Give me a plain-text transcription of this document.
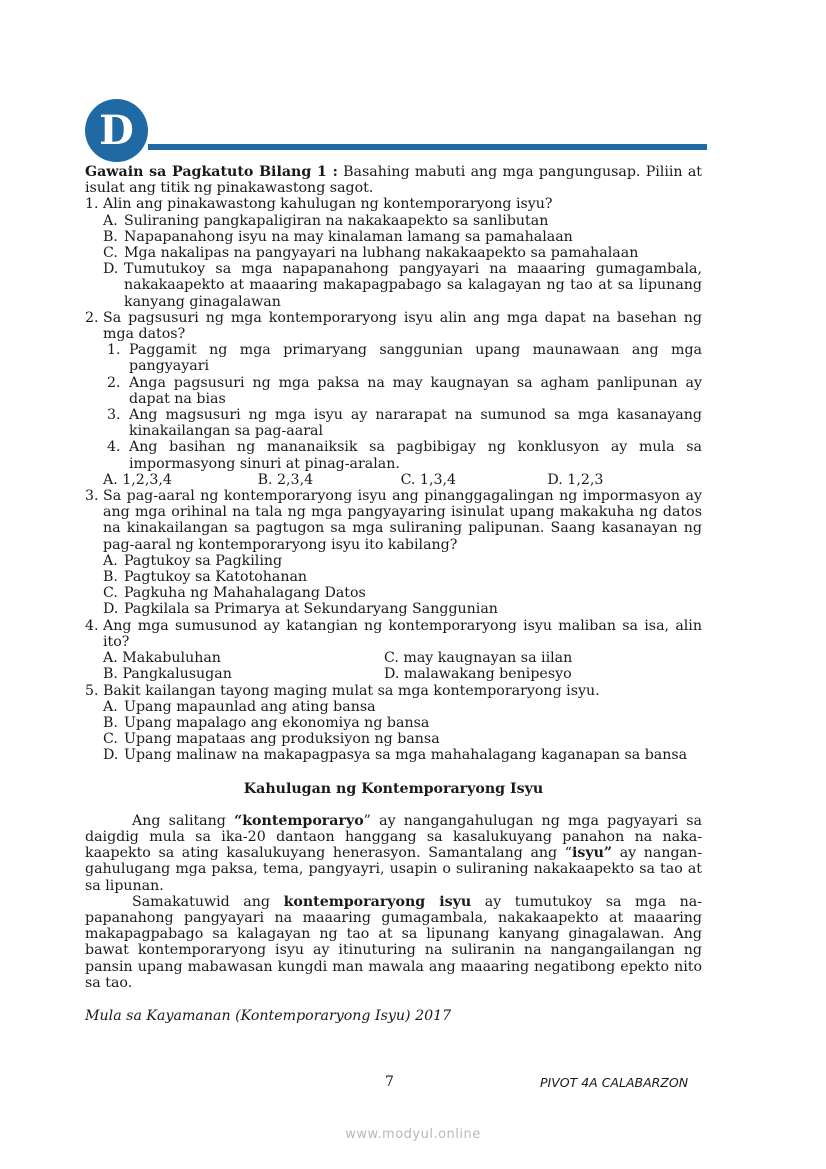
D

Gawain sa Pagkatuto Bilang 1 : Basahing mabuti ang mga pangungusap. Piliin at isulat ang titik ng pinakawastong sagot.

1. Alin ang pinakawastong kahulugan ng kontemporaryong isyu?
A. Suliraning pangkapaligiran na nakakaapekto sa sanlibutan
B. Napapanahong isyu na may kinalaman lamang sa pamahalaan
C. Mga nakalipas na pangyayari na lubhang nakakaapekto sa pamahalaan
D. Tumutukoy sa mga napapanahong pangyayari na maaaring gumagambala, nakakaapekto at maaaring makapagpabago sa kalagayan ng tao at sa lipunang kanyang ginagalawan
2. Sa pagsusuri ng mga kontemporaryong isyu alin ang mga dapat na basehan ng mga datos?
1. Paggamit ng mga primaryang sanggunian upang maunawaan ang mga pangyayari
2. Anga pagsusuri ng mga paksa na may kaugnayan sa agham panlipunan ay dapat na bias
3. Ang magsusuri ng mga isyu ay nararapat na sumunod sa mga kasanayang kinakailangan sa pag-aaral
4. Ang basihan ng mananaiksik sa pagbibigay ng konklusyon ay mula sa impormasyong sinuri at pinag-aralan.
A. 1,2,3,4	B. 2,3,4	C. 1,3,4	D. 1,2,3
3. Sa pag-aaral ng kontemporaryong isyu ang pinanggagalingan ng impormasyon ay ang mga orihinal na tala ng mga pangyayaring isinulat upang makakuha ng datos na kinakailangan sa pagtugon sa mga suliraning palipunan. Saang kasanayan ng pag-aaral ng kontemporaryong isyu ito kabilang?
A. Pagtukoy sa Pagkiling
B. Pagtukoy sa Katotohanan
C. Pagkuha ng Mahahalagang Datos
D. Pagkilala sa Primarya at Sekundaryang Sanggunian
4. Ang mga sumusunod ay katangian ng kontemporaryong isyu maliban sa isa, alin ito?
A. Makabuluhan	C. may kaugnayan sa iilan
B. Pangkalusugan	D. malawakang benipesyo
5. Bakit kailangan tayong maging mulat sa mga kontemporaryong isyu.
A. Upang mapaunlad ang ating bansa
B. Upang mapalago ang ekonomiya ng bansa
C. Upang mapataas ang produksiyon ng bansa
D. Upang malinaw na makapagpasya sa mga mahahalagang kaganapan sa bansa
Kahulugan ng Kontemporaryong Isyu

Ang salitang “kontemporaryo” ay nangangahulugan ng mga pagyayari sa daigdig mula sa ika-20 dantaon hanggang sa kasalukuyang panahon na naka-kaapekto sa ating kasalukuyang henerasyon. Samantalang ang “isyu” ay nangan-gahulugang mga paksa, tema, pangyayri, usapin o suliraning nakakaapekto sa tao at sa lipunan.

Samakatuwid ang kontemporaryong isyu ay tumutukoy sa mga na-papanahong pangyayari na maaaring gumagambala, nakakaapekto at maaaring makapagpabago sa kalagayan ng tao at sa lipunang kanyang ginagalawan. Ang bawat kontemporaryong isyu ay itinuturing na suliranin na nangangailangan ng pansin upang mabawasan kungdi man mawala ang maaaring negatibong epekto nito sa tao.

Mula sa Kayamanan (Kontemporaryong Isyu) 2017
7	PIVOT 4A CALABARZON
www.modyul.online
